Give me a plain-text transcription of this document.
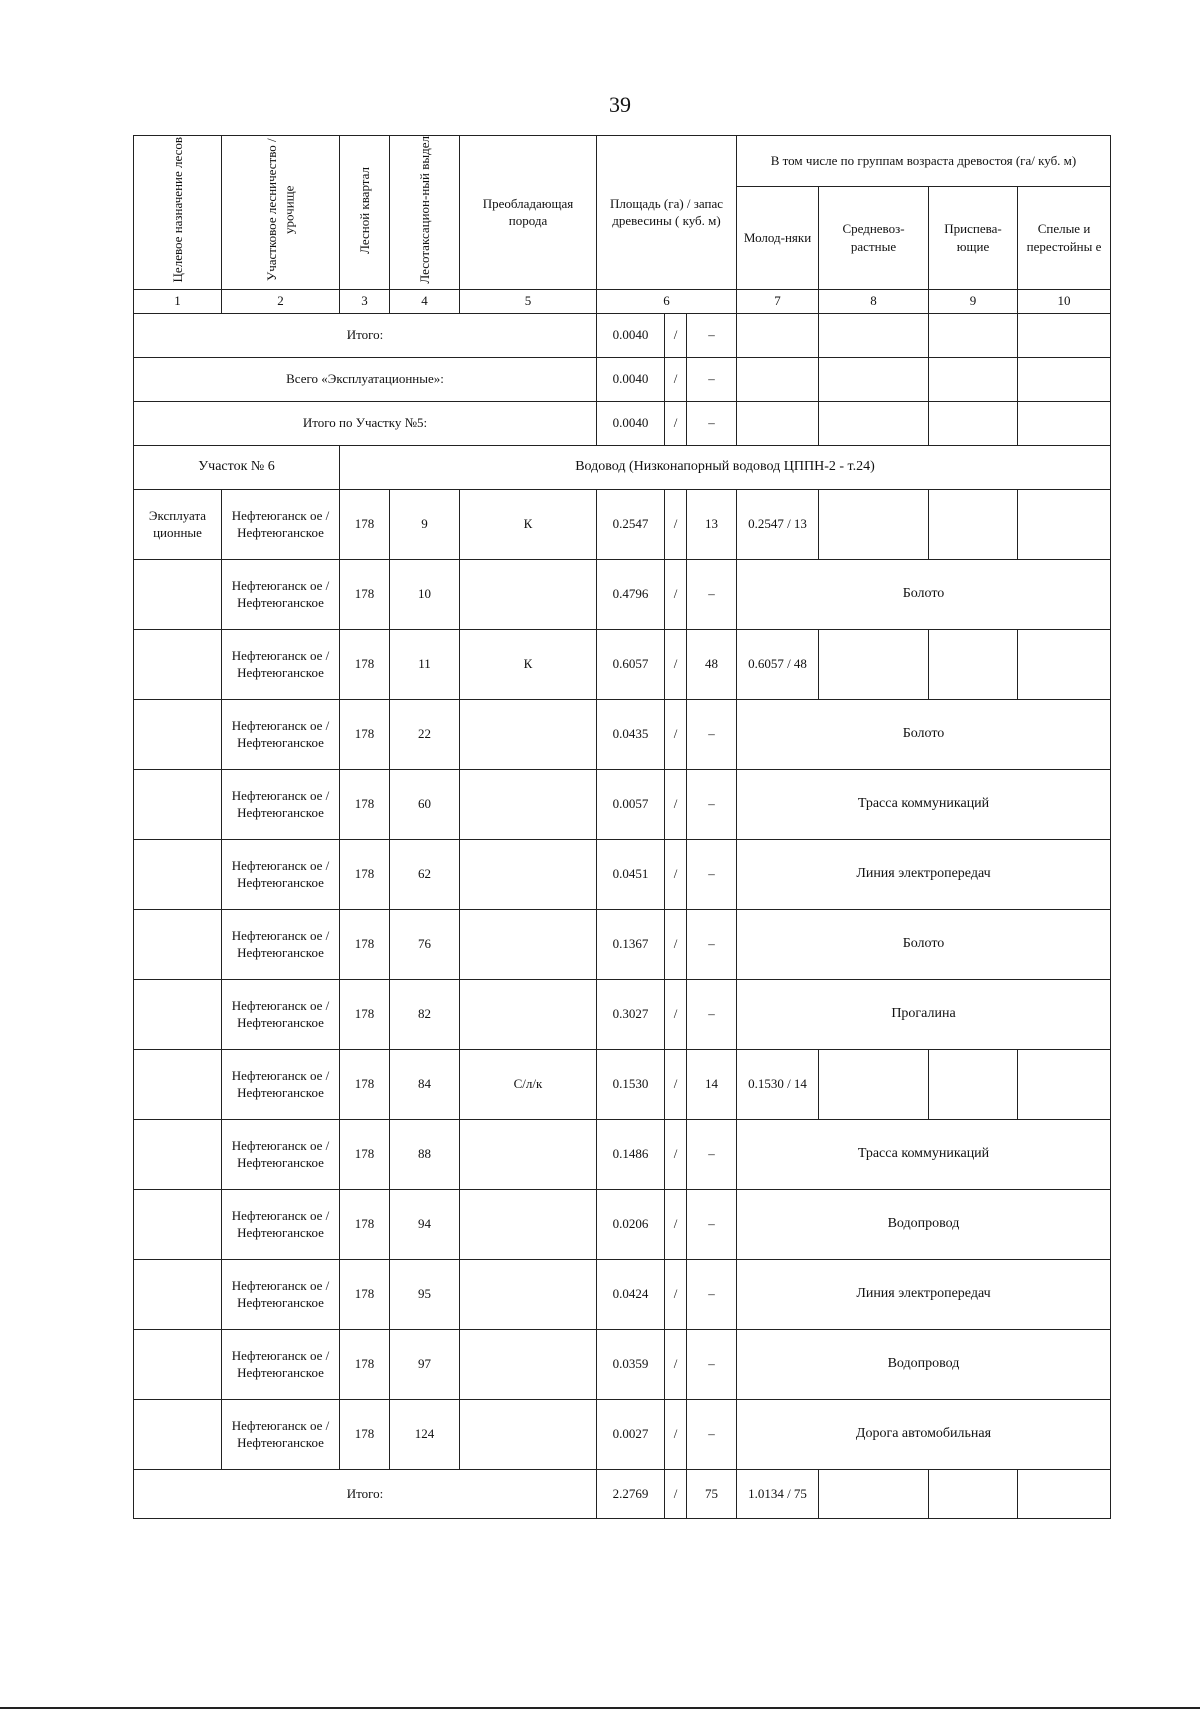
39
Целевое назначение лесов	Участковое лесничество / урочище	Лесной квартал	Лесотаксацион-ный выдел	Преобладающая порода	Площадь (га) / запас древесины ( куб. м)			В том числе по группам возраста древостоя (га/ куб. м)			
								Молод-няки	Средневоз-растные	Приспева-ющие	Спелые и перестойны е
1	2	3	4	5	6			7	8	9	10
Итого:					0.0040	/	–				
Всего «Эксплуатационные»:					0.0040	/	–				
Итого по Участку №5:					0.0040	/	–				
Участок № 6		Водовод (Низконапорный водовод ЦППН-2 - т.24)									
Эксплуата ционные	Нефтеюганск ое / Нефтеюганское	178	9	К	0.2547	/	13	0.2547 / 13			
	Нефтеюганск ое / Нефтеюганское	178	10		0.4796	/	–	Болото			
	Нефтеюганск ое / Нефтеюганское	178	11	К	0.6057	/	48	0.6057 / 48			
	Нефтеюганск ое / Нефтеюганское	178	22		0.0435	/	–	Болото			
	Нефтеюганск ое / Нефтеюганское	178	60		0.0057	/	–	Трасса коммуникаций			
	Нефтеюганск ое / Нефтеюганское	178	62		0.0451	/	–	Линия электропередач			
	Нефтеюганск ое / Нефтеюганское	178	76		0.1367	/	–	Болото			
	Нефтеюганск ое / Нефтеюганское	178	82		0.3027	/	–	Прогалина			
	Нефтеюганск ое / Нефтеюганское	178	84	С/л/к	0.1530	/	14	0.1530 / 14			
	Нефтеюганск ое / Нефтеюганское	178	88		0.1486	/	–	Трасса коммуникаций			
	Нефтеюганск ое / Нефтеюганское	178	94		0.0206	/	–	Водопровод			
	Нефтеюганск ое / Нефтеюганское	178	95		0.0424	/	–	Линия электропередач			
	Нефтеюганск ое / Нефтеюганское	178	97		0.0359	/	–	Водопровод			
	Нефтеюганск ое / Нефтеюганское	178	124		0.0027	/	–	Дорога автомобильная			
Итого:					2.2769	/	75	1.0134 / 75			
